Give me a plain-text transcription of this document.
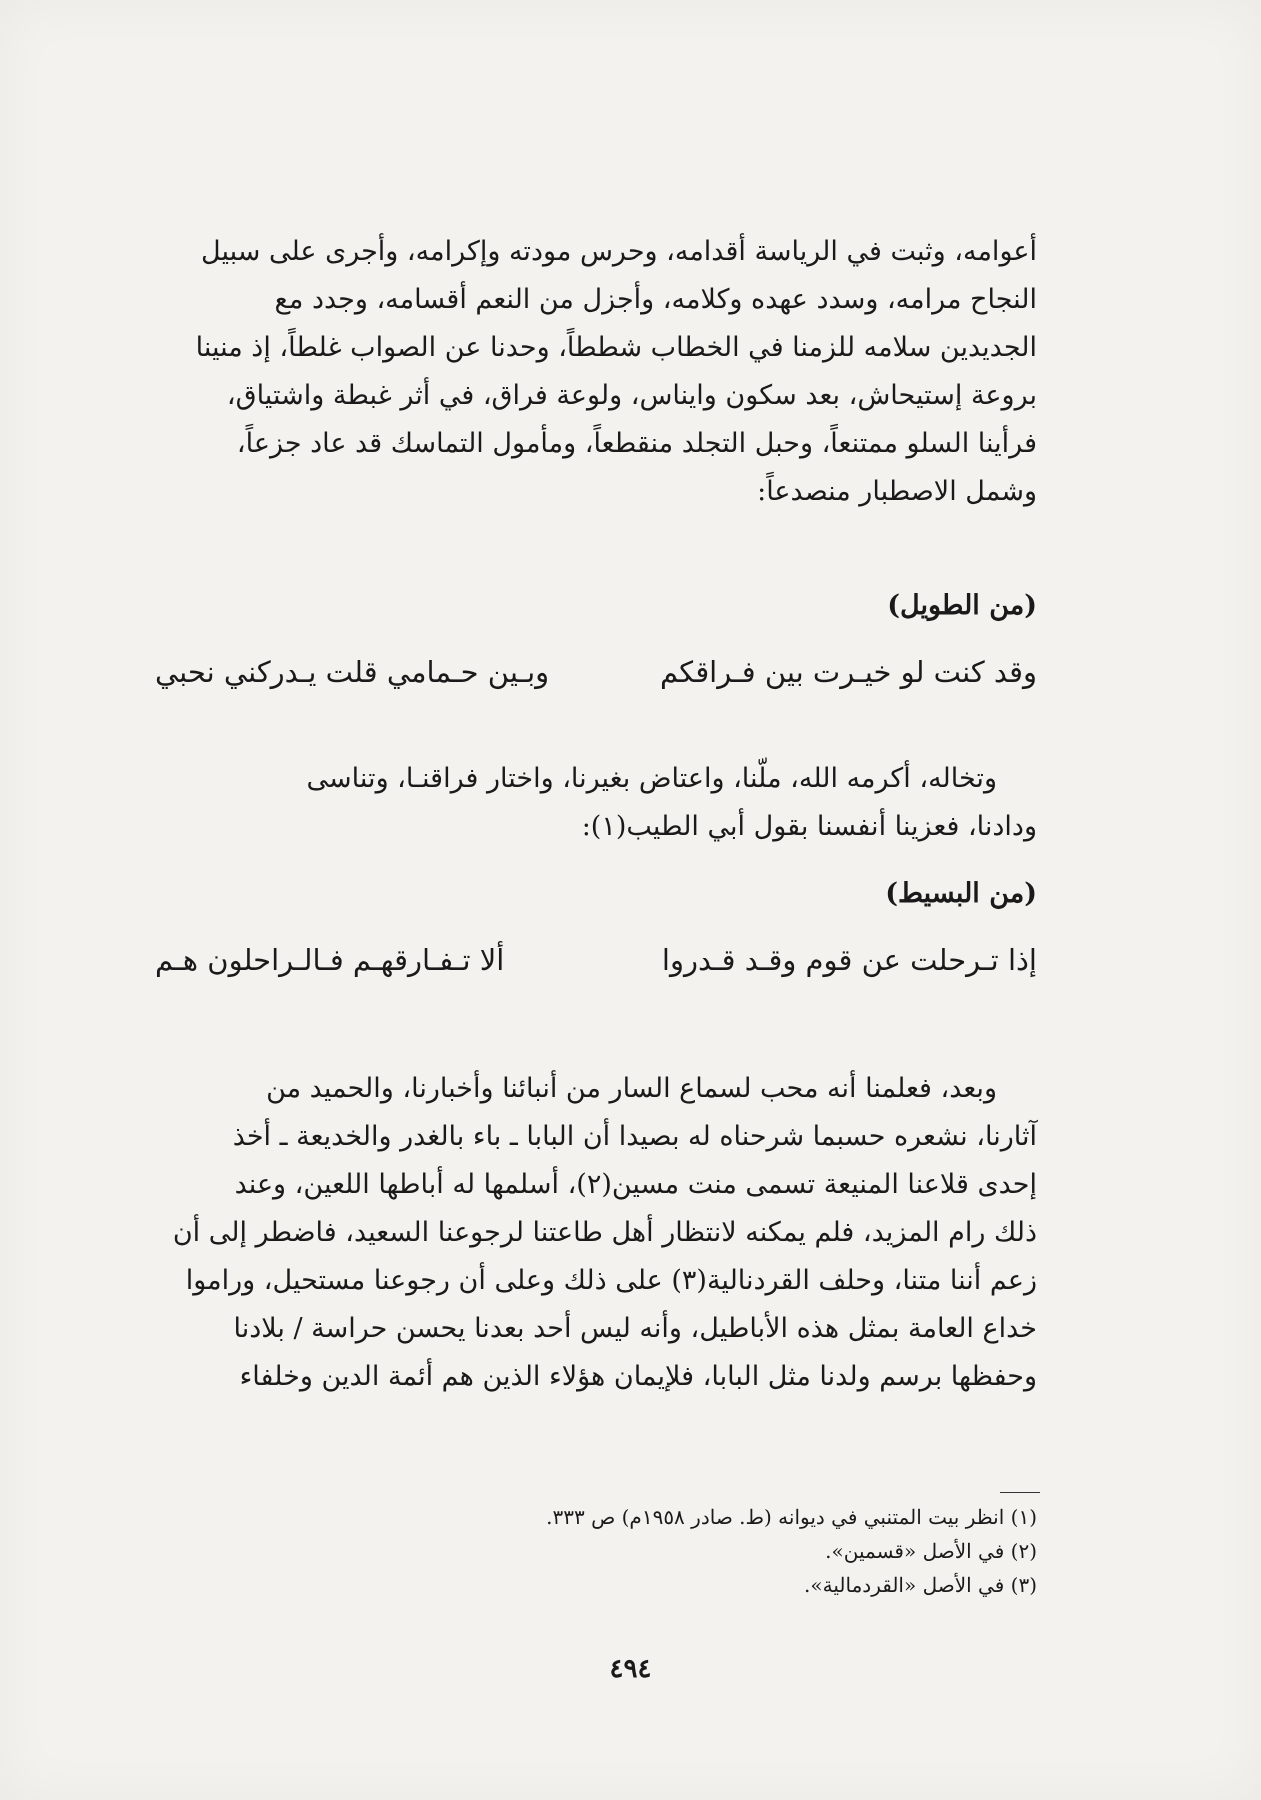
أعوامه، وثبت في الرياسة أقدامه، وحرس مودته وإكرامه، وأجرى على سبيل
النجاح مرامه، وسدد عهده وكلامه، وأجزل من النعم أقسامه، وجدد مع
الجديدين سلامه للزمنا في الخطاب شططاً، وحدنا عن الصواب غلطاً، إذ منينا
بروعة إستيحاش، بعد سكون وايناس، ولوعة فراق، في أثر غبطة واشتياق،
فرأينا السلو ممتنعاً، وحبل التجلد منقطعاً، ومأمول التماسك قد عاد جزعاً،
وشمل الاصطبار منصدعاً:
(من الطويل)
وقد كنت لو خيـرت بين فـراقكم
وبـين حـمامي قلت يـدركني نحبي
وتخاله، أكرمه الله، ملّنا، واعتاض بغيرنا، واختار فراقنـا، وتناسى
ودادنا، فعزينا أنفسنا بقول أبي الطيب(١):
(من البسيط)
إذا تـرحلت عن قوم وقـد قـدروا
ألا تـفـارقهـم فـالـراحلون هـم
وبعد، فعلمنا أنه محب لسماع السار من أنبائنا وأخبارنا، والحميد من
آثارنا، نشعره حسبما شرحناه له بصيدا أن البابا ـ باء بالغدر والخديعة ـ أخذ
إحدى قلاعنا المنيعة تسمى منت مسين(٢)، أسلمها له أباطها اللعين، وعند
ذلك رام المزيد، فلم يمكنه لانتظار أهل طاعتنا لرجوعنا السعيد، فاضطر إلى أن
زعم أننا متنا، وحلف القردنالية(٣) على ذلك وعلى أن رجوعنا مستحيل، وراموا
خداع العامة بمثل هذه الأباطيل، وأنه ليس أحد بعدنا يحسن حراسة / بلادنا
وحفظها برسم ولدنا مثل البابا، فلإيمان هؤلاء الذين هم أئمة الدين وخلفاء
(١) انظر بيت المتنبي في ديوانه (ط. صادر ١٩٥٨م) ص ٣٣٣.
(٢) في الأصل «قسمين».
(٣) في الأصل «القردمالية».
٤٩٤
